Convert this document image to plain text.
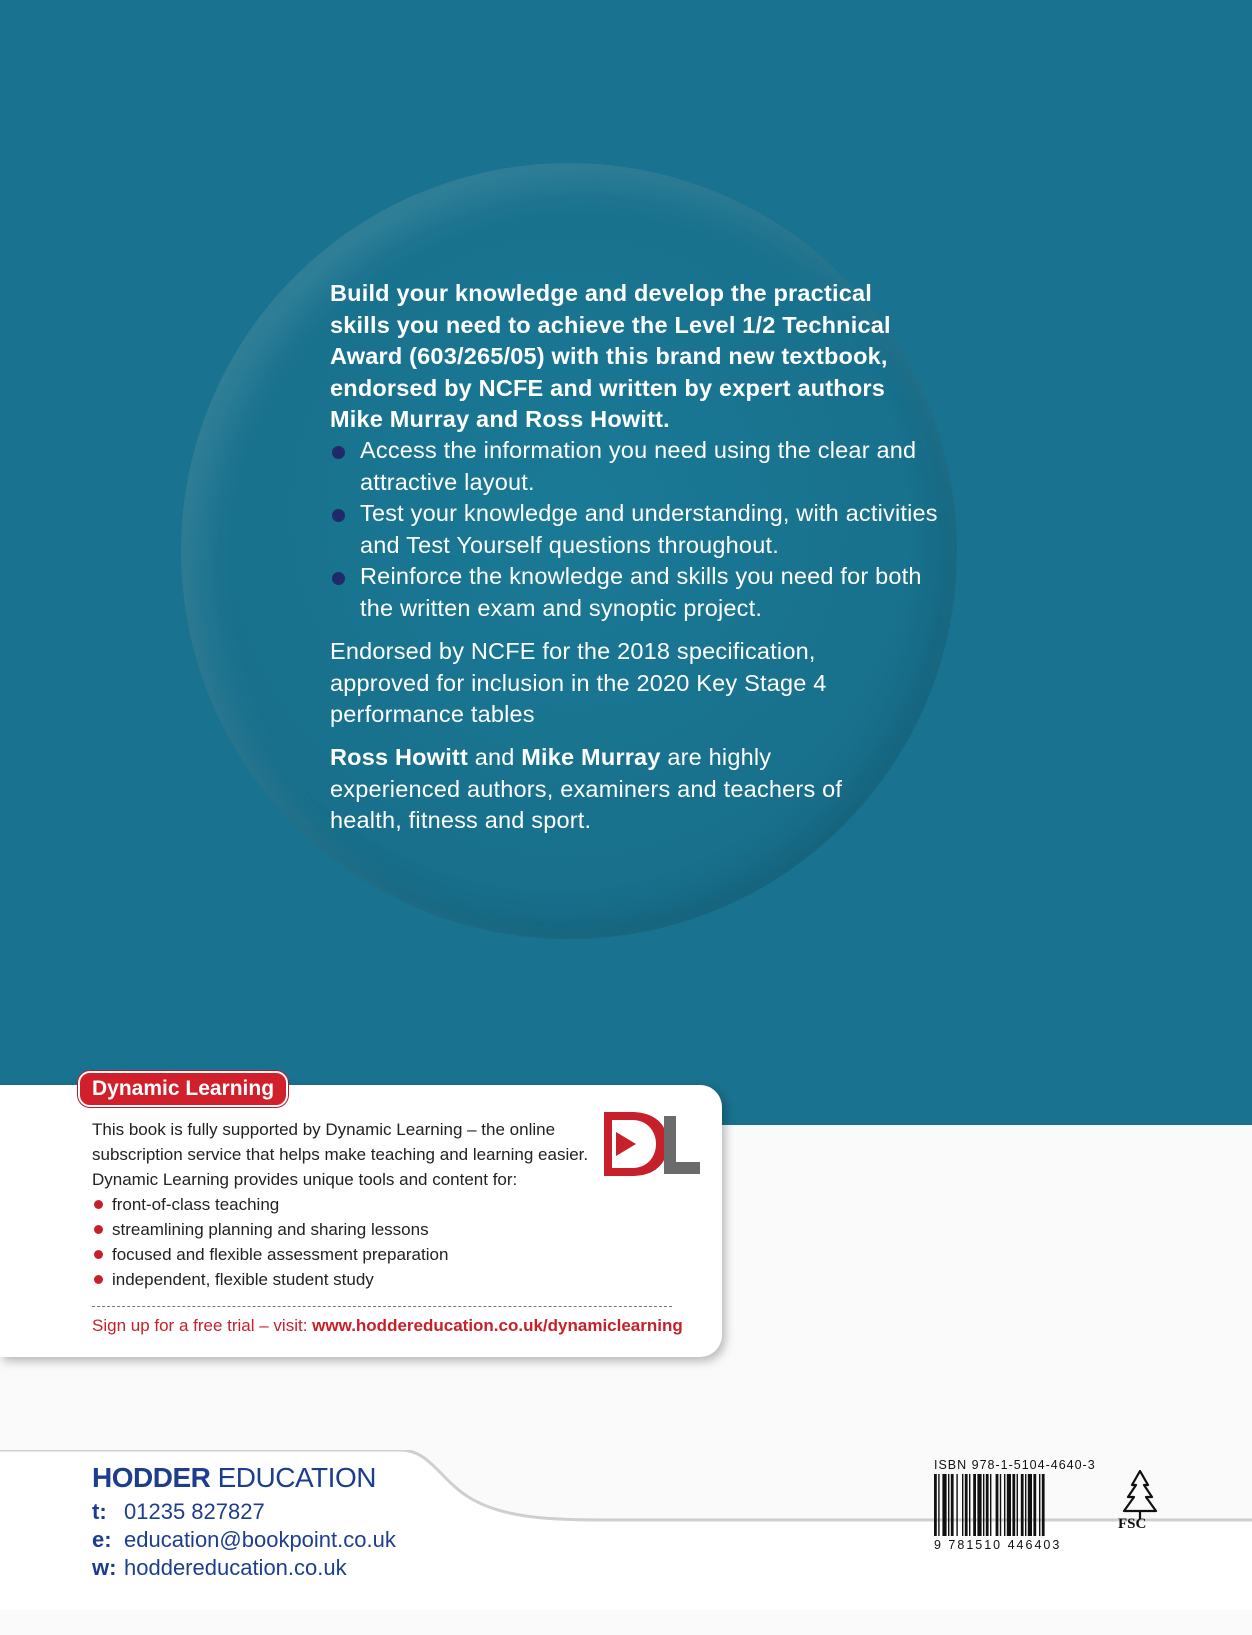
Build your knowledge and develop the practical skills you need to achieve the Level 1/2 Technical Award (603/265/05) with this brand new textbook, endorsed by NCFE and written by expert authors Mike Murray and Ross Howitt.
Access the information you need using the clear and attractive layout.
Test your knowledge and understanding, with activities and Test Yourself questions throughout.
Reinforce the knowledge and skills you need for both the written exam and synoptic project.
Endorsed by NCFE for the 2018 specification, approved for inclusion in the 2020 Key Stage 4 performance tables
Ross Howitt and Mike Murray are highly experienced authors, examiners and teachers of health, fitness and sport.
Dynamic Learning

This book is fully supported by Dynamic Learning – the online subscription service that helps make teaching and learning easier. Dynamic Learning provides unique tools and content for:

front-of-class teaching
streamlining planning and sharing lessons
focused and flexible assessment preparation
independent, flexible student study
Sign up for a free trial – visit: www.hoddereducation.co.uk/dynamiclearning
HODDER EDUCATION
t: 01235 827827
e: education@bookpoint.co.uk
w: hoddereducation.co.uk
ISBN 978-1-5104-4640-3
9 781510 446403
FSC
